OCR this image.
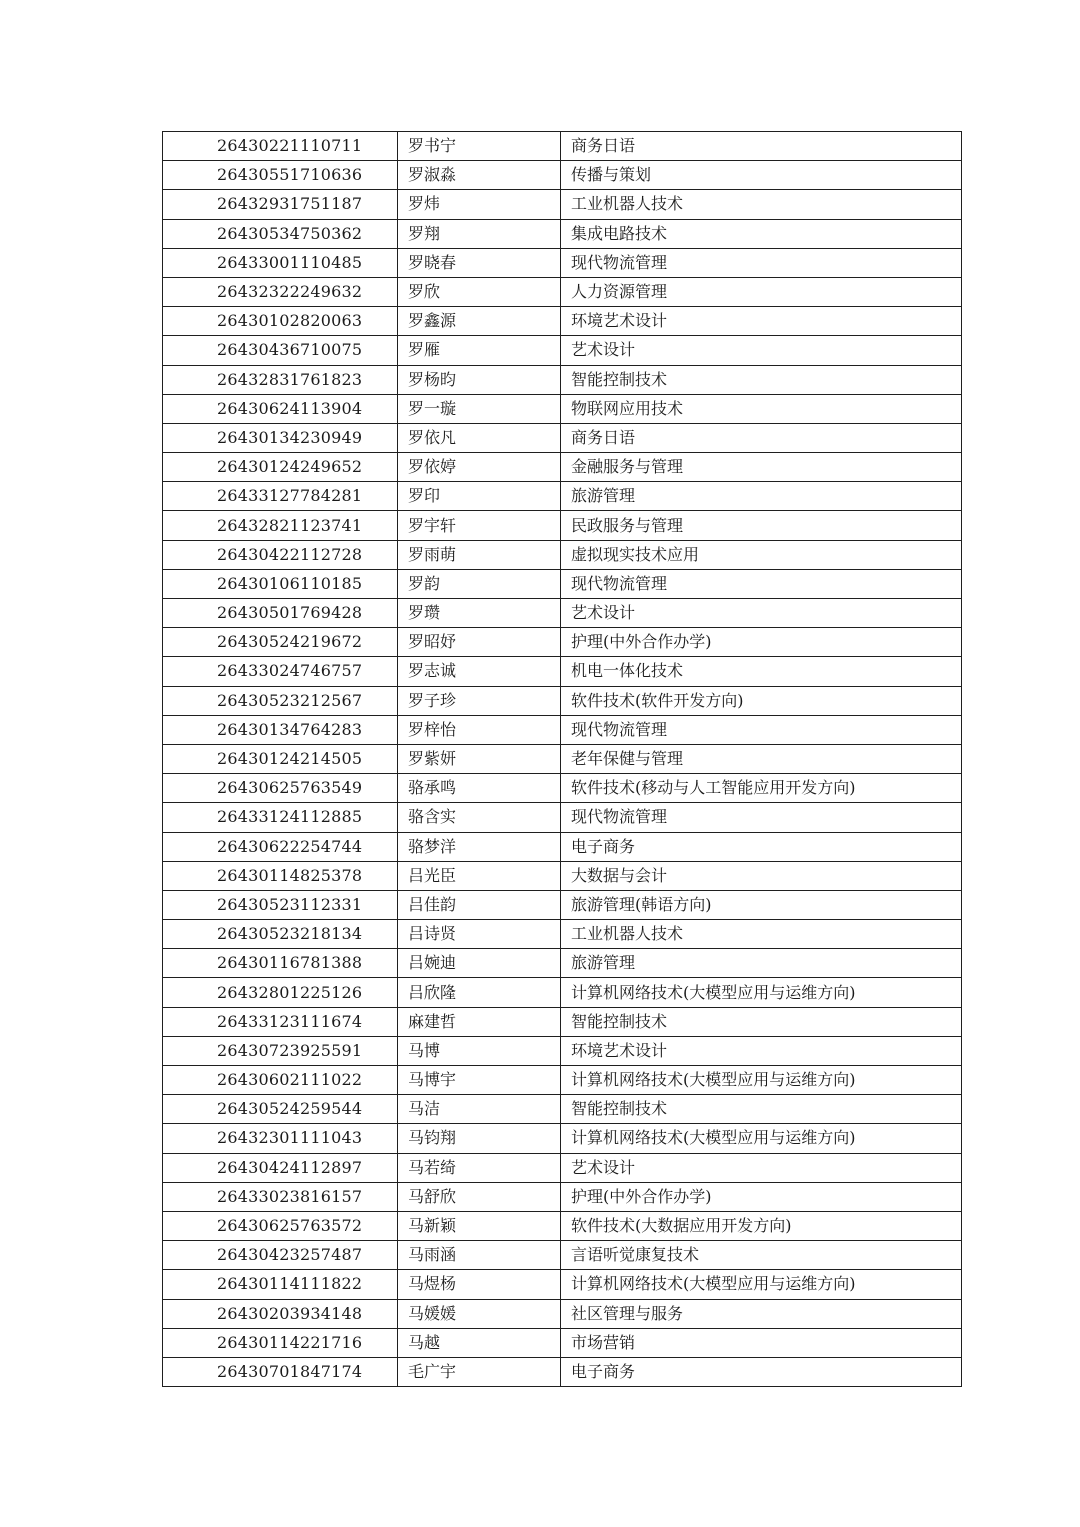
26430221110711	罗书宁	商务日语
26430551710636	罗淑淼	传播与策划
26432931751187	罗炜	工业机器人技术
26430534750362	罗翔	集成电路技术
26433001110485	罗晓春	现代物流管理
26432322249632	罗欣	人力资源管理
26430102820063	罗鑫源	环境艺术设计
26430436710075	罗雁	艺术设计
26432831761823	罗杨昀	智能控制技术
26430624113904	罗一璇	物联网应用技术
26430134230949	罗依凡	商务日语
26430124249652	罗依婷	金融服务与管理
26433127784281	罗印	旅游管理
26432821123741	罗宇轩	民政服务与管理
26430422112728	罗雨萌	虚拟现实技术应用
26430106110185	罗韵	现代物流管理
26430501769428	罗瓒	艺术设计
26430524219672	罗昭妤	护理(中外合作办学)
26433024746757	罗志诚	机电一体化技术
26430523212567	罗子珍	软件技术(软件开发方向)
26430134764283	罗梓怡	现代物流管理
26430124214505	罗紫妍	老年保健与管理
26430625763549	骆承鸣	软件技术(移动与人工智能应用开发方向)
26433124112885	骆含实	现代物流管理
26430622254744	骆梦洋	电子商务
26430114825378	吕光臣	大数据与会计
26430523112331	吕佳韵	旅游管理(韩语方向)
26430523218134	吕诗贤	工业机器人技术
26430116781388	吕婉迪	旅游管理
26432801225126	吕欣隆	计算机网络技术(大模型应用与运维方向)
26433123111674	麻建哲	智能控制技术
26430723925591	马博	环境艺术设计
26430602111022	马博宇	计算机网络技术(大模型应用与运维方向)
26430524259544	马洁	智能控制技术
26432301111043	马钧翔	计算机网络技术(大模型应用与运维方向)
26430424112897	马若绮	艺术设计
26433023816157	马舒欣	护理(中外合作办学)
26430625763572	马新颖	软件技术(大数据应用开发方向)
26430423257487	马雨涵	言语听觉康复技术
26430114111822	马煜杨	计算机网络技术(大模型应用与运维方向)
26430203934148	马媛媛	社区管理与服务
26430114221716	马越	市场营销
26430701847174	毛广宇	电子商务
